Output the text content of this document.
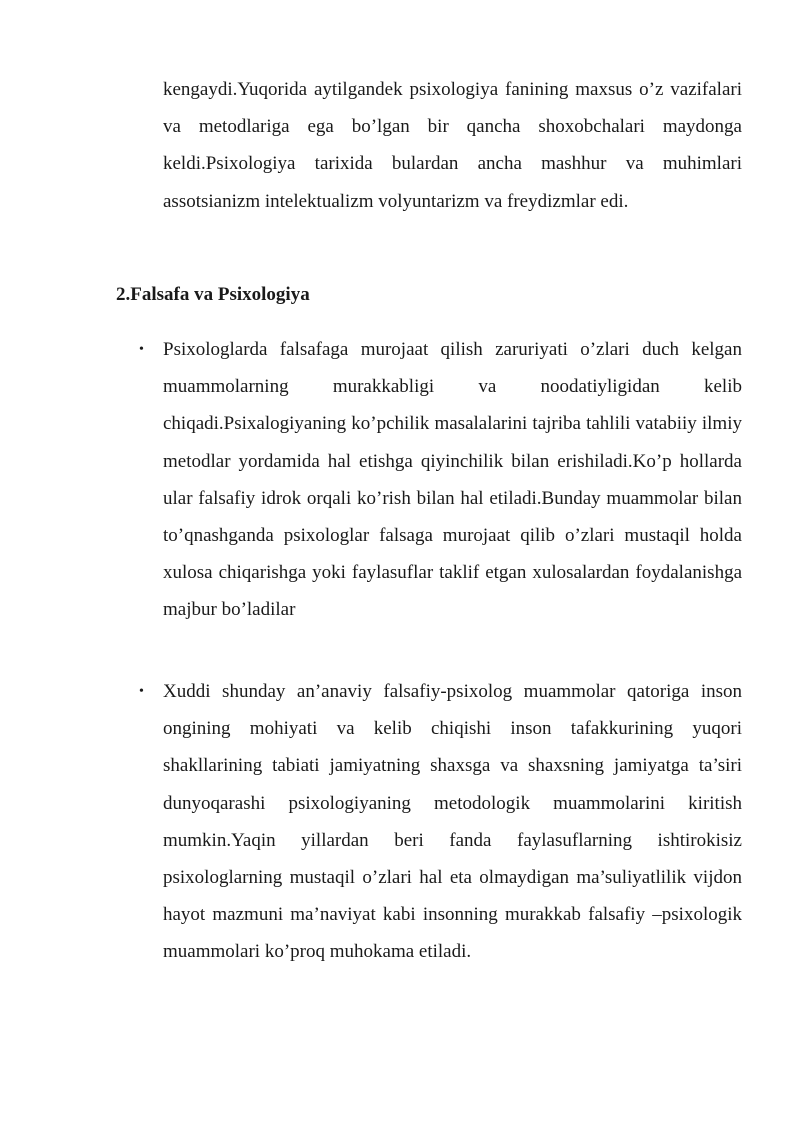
kengaydi.Yuqorida aytilgandek psixologiya fanining maxsus o’z vazifalari va metodlariga ega bo’lgan bir qancha shoxobchalari maydonga keldi.Psixologiya tarixida bulardan ancha mashhur va muhimlari assotsianizm intelektualizm volyuntarizm va freydizmlar edi.

2.Falsafa va Psixologiya
• Psixologlarda falsafaga murojaat qilish zaruriyati o’zlari duch kelgan muammolarning murakkabligi va noodatiyligidan kelib chiqadi.Psixalogiyaning ko’pchilik masalalarini tajriba tahlili vatabiiy ilmiy metodlar yordamida hal etishga qiyinchilik bilan erishiladi.Ko’p hollarda ular falsafiy idrok orqali ko’rish bilan hal etiladi.Bunday muammolar bilan to’qnashganda psixologlar falsaga murojaat qilib o’zlari mustaqil holda xulosa chiqarishga yoki faylasuflar taklif etgan xulosalardan foydalanishga majbur bo’ladilar

• Xuddi shunday an’anaviy falsafiy-psixolog muammolar qatoriga inson ongining mohiyati va kelib chiqishi inson tafakkurining yuqori shakllarining tabiati jamiyatning shaxsga va shaxsning jamiyatga ta’siri dunyoqarashi psixologiyaning metodologik muammolarini kiritish mumkin.Yaqin yillardan beri fanda faylasuflarning ishtirokisiz psixologlarning mustaqil o’zlari hal eta olmaydigan ma’suliyatlilik vijdon hayot mazmuni ma’naviyat kabi insonning murakkab falsafiy –psixologik muammolari ko’proq muhokama etiladi.
